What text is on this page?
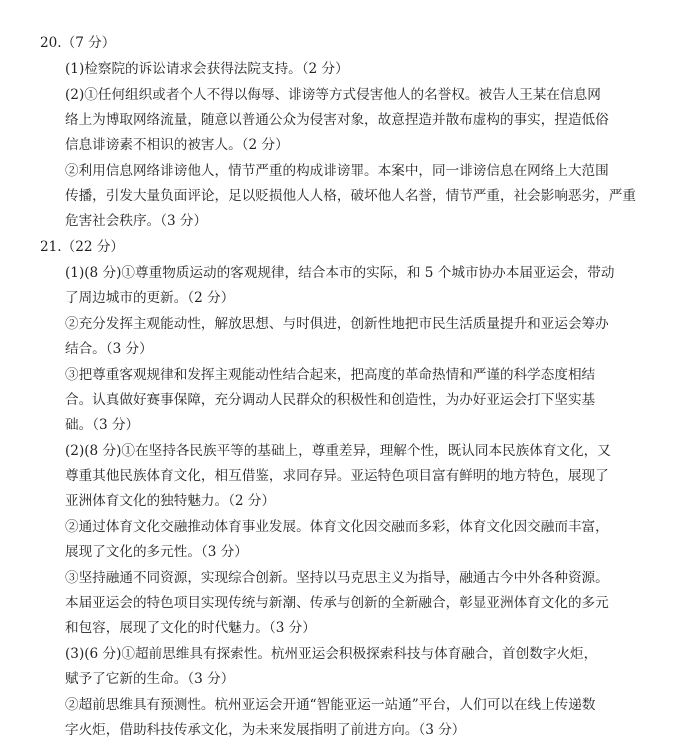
20.（7 分）
(1)检察院的诉讼请求会获得法院支持。（2 分）
(2)①任何组织或者个人不得以侮辱、诽谤等方式侵害他人的名誉权。被告人王某在信息网
络上为博取网络流量，随意以普通公众为侵害对象，故意捏造并散布虚构的事实，捏造低俗
信息诽谤素不相识的被害人。（2 分）
②利用信息网络诽谤他人，情节严重的构成诽谤罪。本案中，同一诽谤信息在网络上大范围
传播，引发大量负面评论，足以贬损他人人格，破坏他人名誉，情节严重，社会影响恶劣，严重
危害社会秩序。（3 分）
21.（22 分）
(1)(8 分)①尊重物质运动的客观规律，结合本市的实际，和 5 个城市协办本届亚运会，带动
了周边城市的更新。（2 分）
②充分发挥主观能动性，解放思想、与时俱进，创新性地把市民生活质量提升和亚运会筹办
结合。（3 分）
③把尊重客观规律和发挥主观能动性结合起来，把高度的革命热情和严谨的科学态度相结
合。认真做好赛事保障，充分调动人民群众的积极性和创造性，为办好亚运会打下坚实基
础。（3 分）
(2)(8 分)①在坚持各民族平等的基础上，尊重差异，理解个性，既认同本民族体育文化，又
尊重其他民族体育文化，相互借鉴，求同存异。亚运特色项目富有鲜明的地方特色，展现了
亚洲体育文化的独特魅力。（2 分）
②通过体育文化交融推动体育事业发展。体育文化因交融而多彩，体育文化因交融而丰富，
展现了文化的多元性。（3 分）
③坚持融通不同资源，实现综合创新。坚持以马克思主义为指导，融通古今中外各种资源。
本届亚运会的特色项目实现传统与新潮、传承与创新的全新融合，彰显亚洲体育文化的多元
和包容，展现了文化的时代魅力。（3 分）
(3)(6 分)①超前思维具有探索性。杭州亚运会积极探索科技与体育融合，首创数字火炬，
赋予了它新的生命。（3 分）
②超前思维具有预测性。杭州亚运会开通“智能亚运一站通”平台，人们可以在线上传递数
字火炬，借助科技传承文化，为未来发展指明了前进方向。（3 分）
